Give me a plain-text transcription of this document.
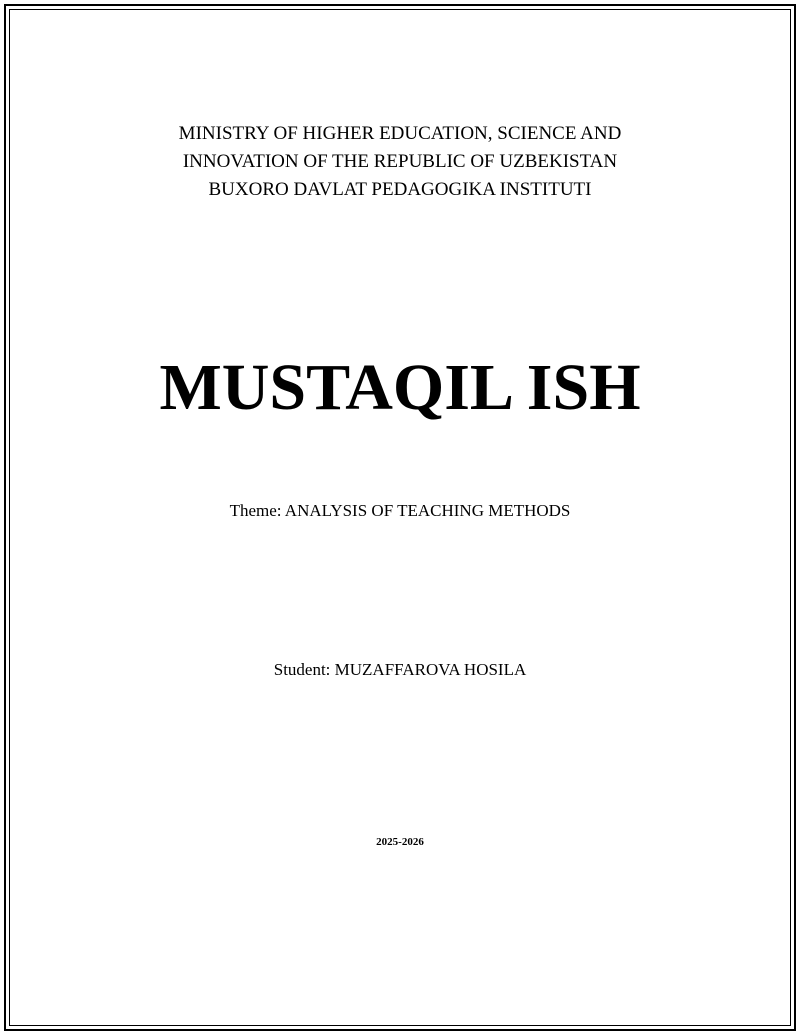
MINISTRY OF HIGHER EDUCATION, SCIENCE AND

INNOVATION OF THE REPUBLIC OF UZBEKISTAN

BUXORO DAVLAT PEDAGOGIKA INSTITUTI

MUSTAQIL ISH

Theme: ANALYSIS OF TEACHING METHODS

Student: MUZAFFAROVA HOSILA

2025-2026
